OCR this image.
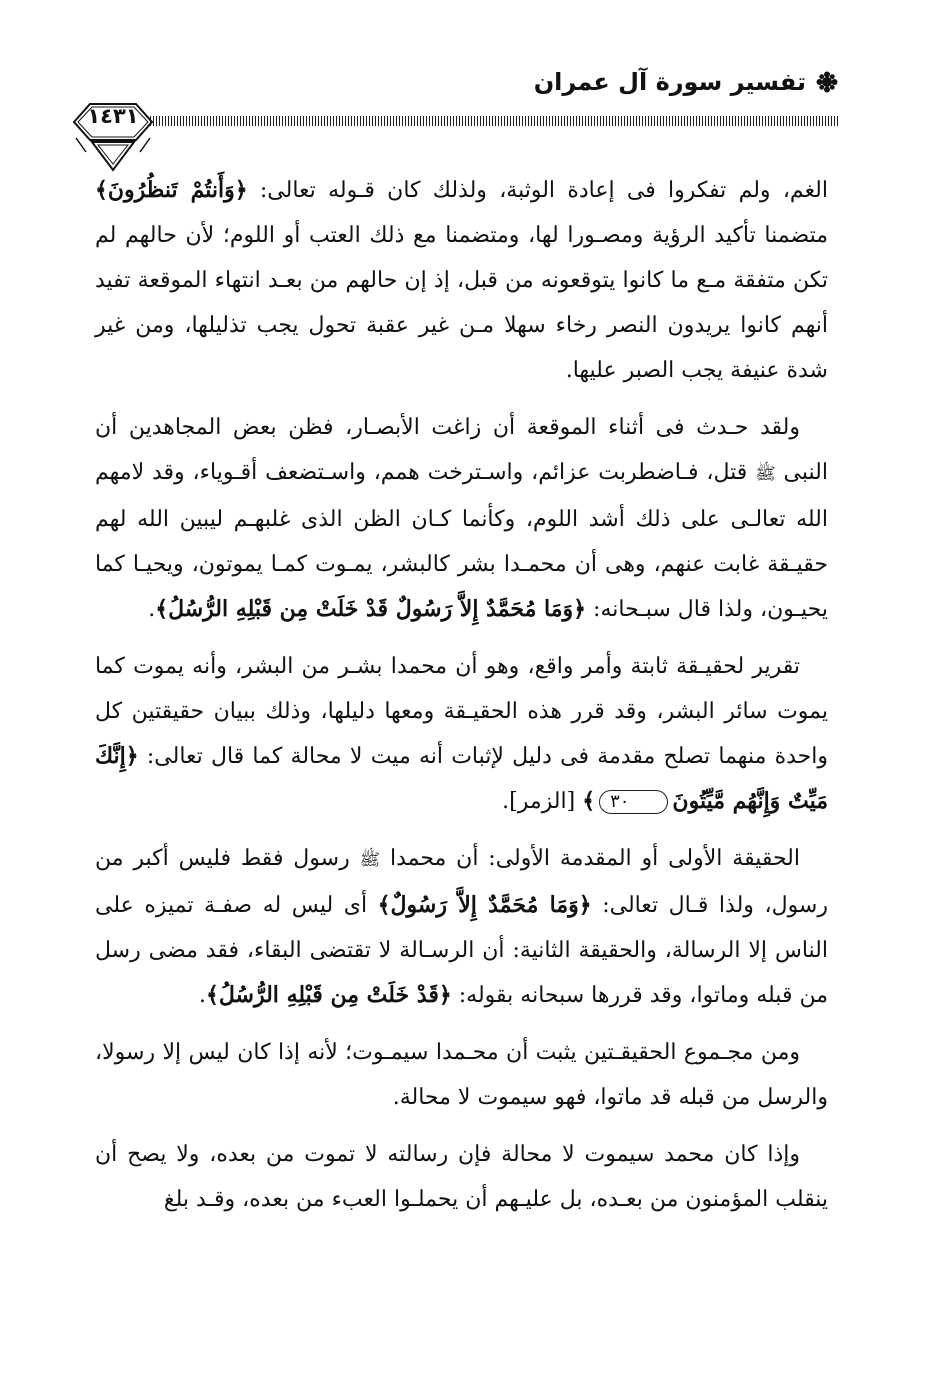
تفسير سورة آل عمران
١٤٣١

الغم، ولم تفكروا فى إعادة الوثبة، ولذلك كان قـوله تعالى: ﴿وَأَنتُمْ تَنظُرُونَ﴾ متضمنا تأكيد الرؤية ومصـورا لها، ومتضمنا مع ذلك العتب أو اللوم؛ لأن حالهم لم تكن متفقة مـع ما كانوا يتوقعونه من قبل، إذ إن حالهم من بعـد انتهاء الموقعة تفيد أنهم كانوا يريدون النصر رخاء سهلا مـن غير عقبة تحول يجب تذليلها، ومن غير شدة عنيفة يجب الصبر عليها.

ولقد حـدث فى أثناء الموقعة أن زاغت الأبصـار، فظن بعض المجاهدين أن النبى ﷺ قتل، فـاضطربت عزائم، واسـترخت همم، واسـتضعف أقـوياء، وقد لامهم الله تعالـى على ذلك أشد اللوم، وكأنما كـان الظن الذى غلبهـم ليبين الله لهم حقيـقة غابت عنهم، وهى أن محمـدا بشر كالبشر، يمـوت كمـا يموتون، ويحيـا كما يحيـون، ولذا قال سبـحانه: ﴿وَمَا مُحَمَّدٌ إِلاَّ رَسُولٌ قَدْ خَلَتْ مِن قَبْلِهِ الرُّسُلُ﴾.

تقرير لحقيـقة ثابتة وأمر واقع، وهو أن محمدا بشـر من البشر، وأنه يموت كما يموت سائر البشر، وقد قرر هذه الحقيـقة ومعها دليلها، وذلك ببيان حقيقتين كل واحدة منهما تصلح مقدمة فى دليل لإثبات أنه ميت لا محالة كما قال تعالى: ﴿إِنَّكَ مَيِّتٌ وَإِنَّهُم مَّيِّتُونَ٣٠﴾ [الزمر].

الحقيقة الأولى أو المقدمة الأولى: أن محمدا ﷺ رسول فقط فليس أكبر من رسول، ولذا قـال تعالى: ﴿وَمَا مُحَمَّدٌ إِلاَّ رَسُولٌ﴾ أى ليس له صفـة تميزه على الناس إلا الرسالة، والحقيقة الثانية: أن الرسـالة لا تقتضى البقاء، فقد مضى رسل من قبله وماتوا، وقد قررها سبحانه بقوله: ﴿قَدْ خَلَتْ مِن قَبْلِهِ الرُّسُلُ﴾.

ومن مجـموع الحقيقـتين يثبت أن محـمدا سيمـوت؛ لأنه إذا كان ليس إلا رسولا، والرسل من قبله قد ماتوا، فهو سيموت لا محالة.

وإذا كان محمد سيموت لا محالة فإن رسالته لا تموت من بعده، ولا يصح أن ينقلب المؤمنون من بعـده، بل عليـهم أن يحملـوا العبء من بعده، وقـد بلغ
